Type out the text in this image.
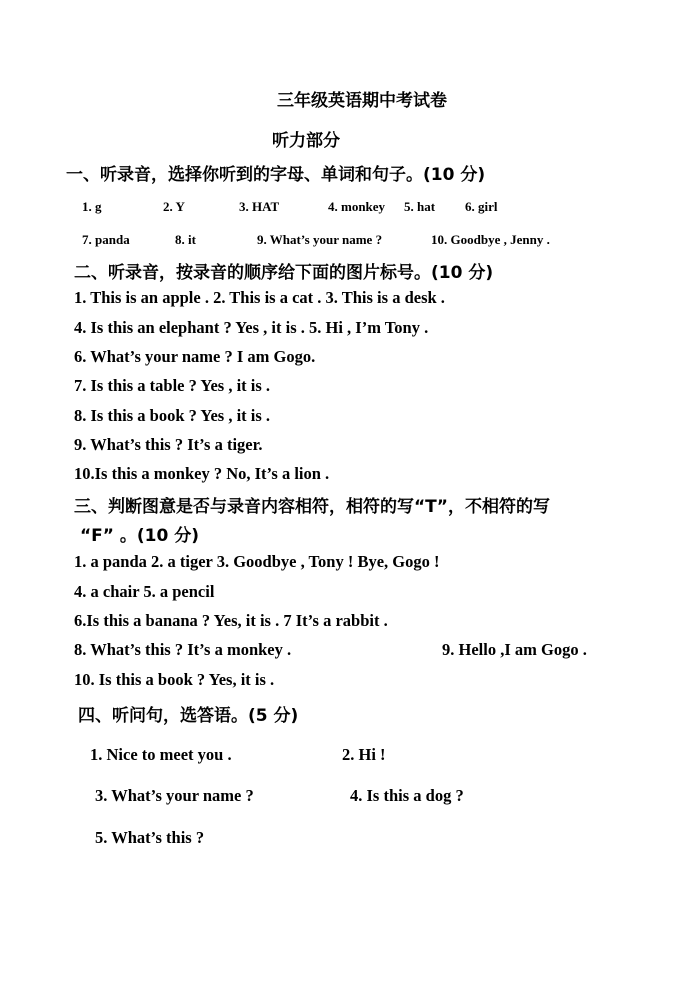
三年级英语期中考试卷
听力部分
一、听录音，选择你听到的字母、单词和句子。(10 分)
1. g	2. Y	3. HAT	4. monkey 5. hat 6. girl
7. panda	8. it	9. What’s your name ?	10. Goodbye , Jenny .
二、听录音，按录音的顺序给下面的图片标号。(10 分)
1. This is an apple . 2. This is a cat . 3. This is a desk .
4. Is this an elephant ? Yes , it is . 5. Hi , I’m Tony .
6. What’s your name ? I am Gogo.
7. Is this a table ? Yes , it is .
8. Is this a book ? Yes , it is .
9. What’s this ? It’s a tiger.
10.Is this a monkey ? No, It’s a lion .
三、判断图意是否与录音内容相符，相符的写“T”，不相符的写
“F” 。(10 分)
1. a panda 2. a tiger 3. Goodbye , Tony ! Bye, Gogo !
4. a chair 5. a pencil
6.Is this a banana ? Yes, it is . 7 It’s a rabbit .
8. What’s this ? It’s a monkey .	9. Hello ,I am Gogo .
10. Is this a book ? Yes, it is .
四、听问句，选答语。(5 分)
1. Nice to meet you .	2. Hi !
3. What’s your name ?	4. Is this a dog ?
5. What’s this ?
